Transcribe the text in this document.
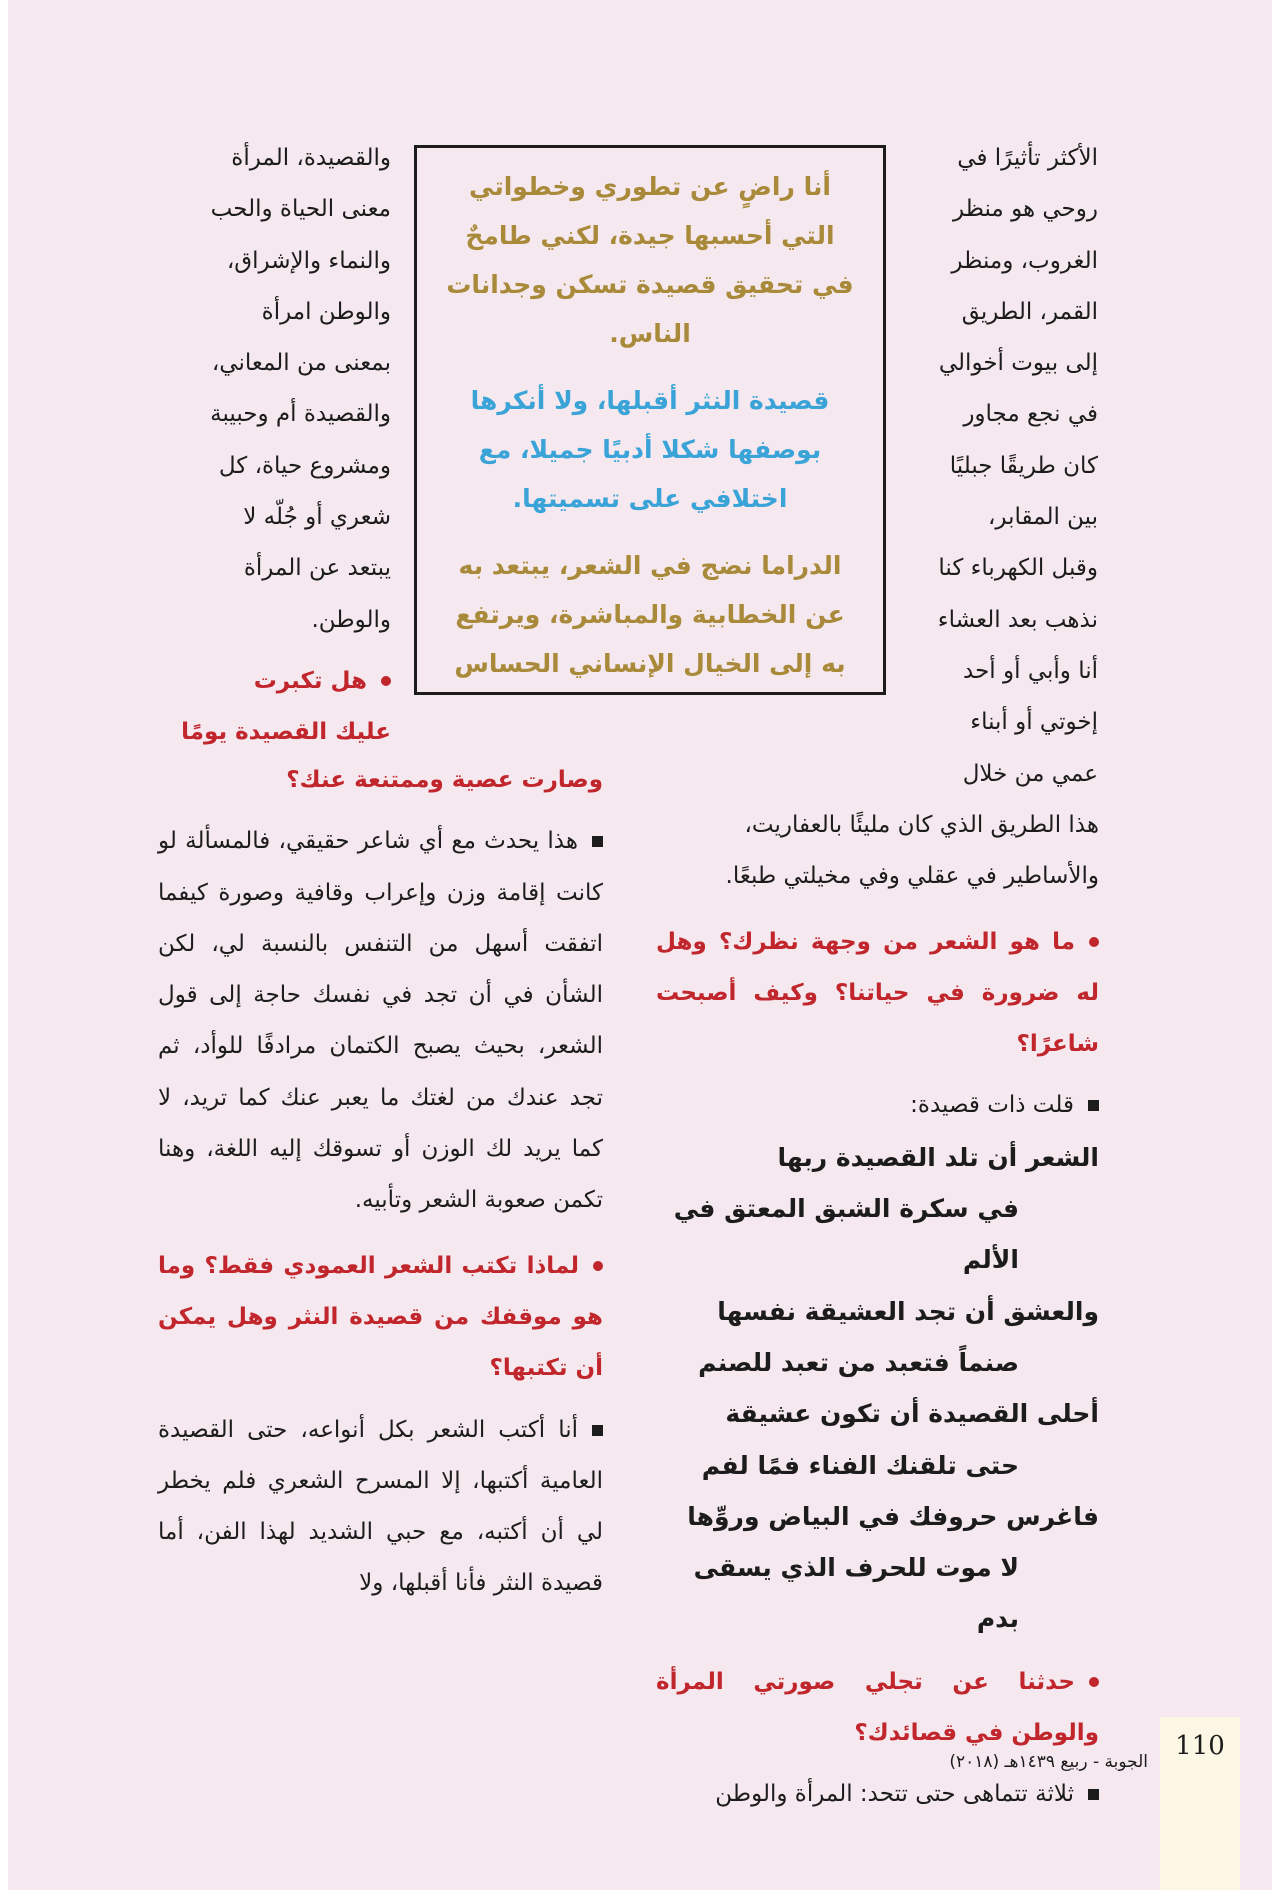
الأكثر تأثيرًا في

روحي هو منظر

الغروب، ومنظر

القمر، الطريق

إلى بيوت أخوالي

في نجع مجاور

كان طريقًا جبليًا

بين المقابر،

وقبل الكهرباء كنا

نذهب بعد العشاء

أنا وأبي أو أحد

إخوتي أو أبناء

عمي من خلال

أنا راضٍ عن تطوري وخطواتي التي أحسبها جيدة، لكني طامحٌ في تحقيق قصيدة تسكن وجدانات الناس.

قصيدة النثر أقبلها، ولا أنكرها بوصفها شكلا أدبيًا جميلا، مع اختلافي على تسميتها.

الدراما نضج في الشعر، يبتعد به عن الخطابية والمباشرة، ويرتفع به إلى الخيال الإنساني الحساس

والقصيدة، المرأة

معنى الحياة والحب

والنماء والإشراق،

والوطن امرأة

بمعنى من المعاني،

والقصيدة أم وحبيبة

ومشروع حياة، كل

شعري أو جُلّه لا

يبتعد عن المرأة

والوطن.

هل تكبرت

عليك القصيدة يومًا

هذا الطريق الذي كان مليئًا بالعفاريت،

والأساطير في عقلي وفي مخيلتي طبعًا.

ما هو الشعر من وجهة نظرك؟ وهل له ضرورة في حياتنا؟ وكيف أصبحت شاعرًا؟

قلت ذات قصيدة:

الشعر أن تلد القصيدة ربها

في سكرة الشبق المعتق في الألم

والعشق أن تجد العشيقة نفسها

صنماً فتعبد من تعبد للصنم

أحلى القصيدة أن تكون عشيقة

حتى تلقنك الفناء فمًا لفم

فاغرس حروفك في البياض وروِّها

لا موت للحرف الذي يسقى بدم

حدثنا عن تجلي صورتي المرأة والوطن في قصائدك؟

ثلاثة تتماهى حتى تتحد: المرأة والوطن

وصارت عصية وممتنعة عنك؟

هذا يحدث مع أي شاعر حقيقي، فالمسألة لو كانت إقامة وزن وإعراب وقافية وصورة كيفما اتفقت أسهل من التنفس بالنسبة لي، لكن الشأن في أن تجد في نفسك حاجة إلى قول الشعر، بحيث يصبح الكتمان مرادفًا للوأد، ثم تجد عندك من لغتك ما يعبر عنك كما تريد، لا كما يريد لك الوزن أو تسوقك إليه اللغة، وهنا تكمن صعوبة الشعر وتأبيه.

لماذا تكتب الشعر العمودي فقط؟ وما هو موقفك من قصيدة النثر وهل يمكن أن تكتبها؟

أنا أكتب الشعر بكل أنواعه، حتى القصيدة العامية أكتبها، إلا المسرح الشعري فلم يخطر لي أن أكتبه، مع حبي الشديد لهذا الفن، أما قصيدة النثر فأنا أقبلها، ولا

110
الجوبة - ربيع ١٤٣٩هـ (٢٠١٨)
